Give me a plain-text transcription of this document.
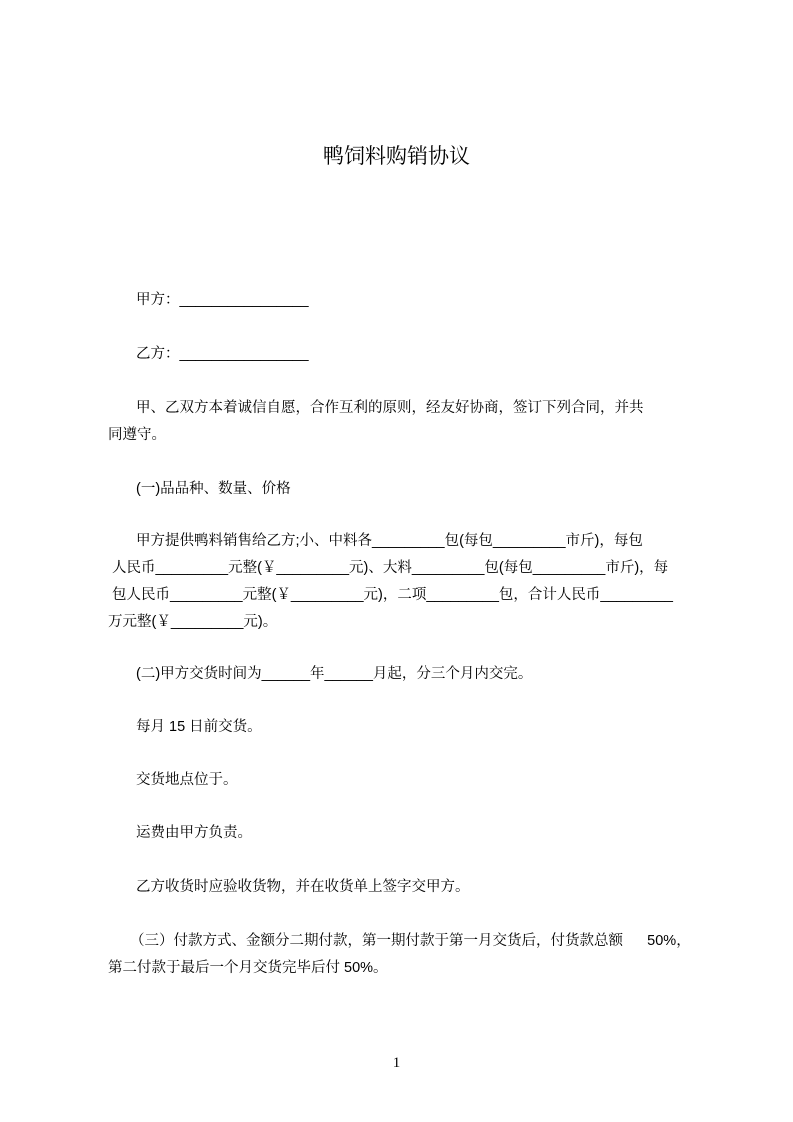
鸭饲料购销协议
甲方：________________
乙方：________________
甲、乙双方本着诚信自愿，合作互利的原则，经友好协商，签订下列合同，并共
同遵守。
(一)品品种、数量、价格
甲方提供鸭料销售给乙方;小、中料各_________包(每包_________市斤)，每包
人民币_________元整(￥_________元)、大料_________包(每包_________市斤)，每
包人民币_________元整(￥_________元)，二项_________包，合计人民币_________
万元整(￥_________元)。
(二)甲方交货时间为______年______月起，分三个月内交完。
每月 15 日前交货。
交货地点位于。
运费由甲方负责。
乙方收货时应验收货物，并在收货单上签字交甲方。
（三）付款方式、金额分二期付款，第一期付款于第一月交货后，付货款总额      50%，
第二付款于最后一个月交货完毕后付 50%。
1
